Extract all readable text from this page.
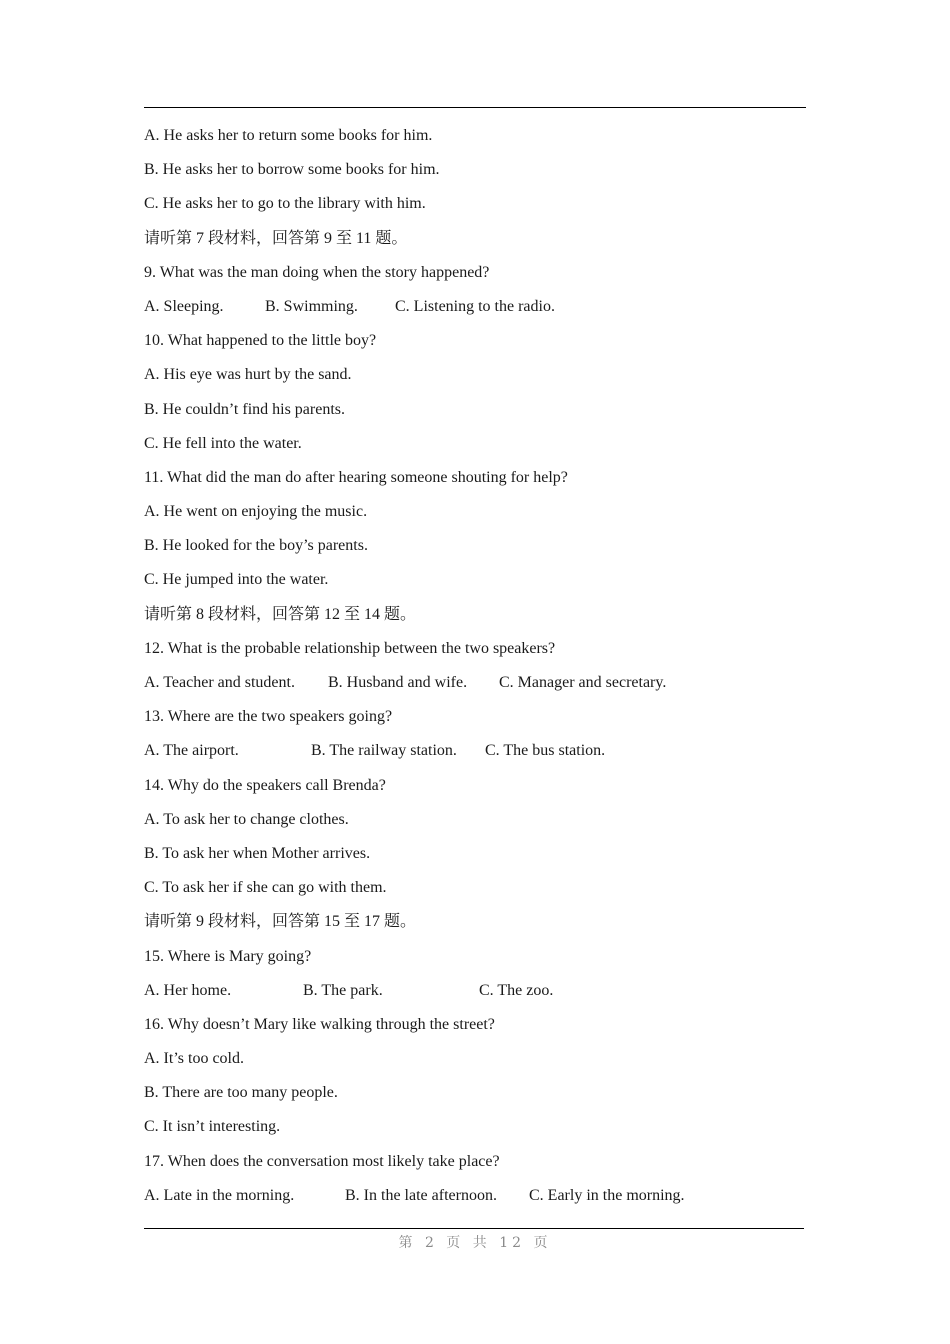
A. He asks her to return some books for him.
B. He asks her to borrow some books for him.
C. He asks her to go to the library with him.
请听第 7 段材料，回答第 9 至 11 题。
9. What was the man doing when the story happened?
A. Sleeping.	B. Swimming. C. Listening to the radio.
10. What happened to the little boy?
A. His eye was hurt by the sand.
B. He couldn’t find his parents.
C. He fell into the water.
11. What did the man do after hearing someone shouting for help?
A. He went on enjoying the music.
B. He looked for the boy’s parents.
C. He jumped into the water.
请听第 8 段材料，回答第 12 至 14 题。
12. What is the probable relationship between the two speakers?
A. Teacher and student. B. Husband and wife. C. Manager and secretary.
13. Where are the two speakers going?
A. The airport.	B. The railway station. C. The bus station.
14. Why do the speakers call Brenda?
A. To ask her to change clothes.
B. To ask her when Mother arrives.
C. To ask her if she can go with them.
请听第 9 段材料，回答第 15 至 17 题。
15. Where is Mary going?
A. Her home.	B. The park.	C. The zoo.
16. Why doesn’t Mary like walking through the street?
A. It’s too cold.
B. There are too many people.
C. It isn’t interesting.
17. When does the conversation most likely take place?
A. Late in the morning.	B. In the late afternoon. C. Early in the morning.
第 2 页 共 12 页
